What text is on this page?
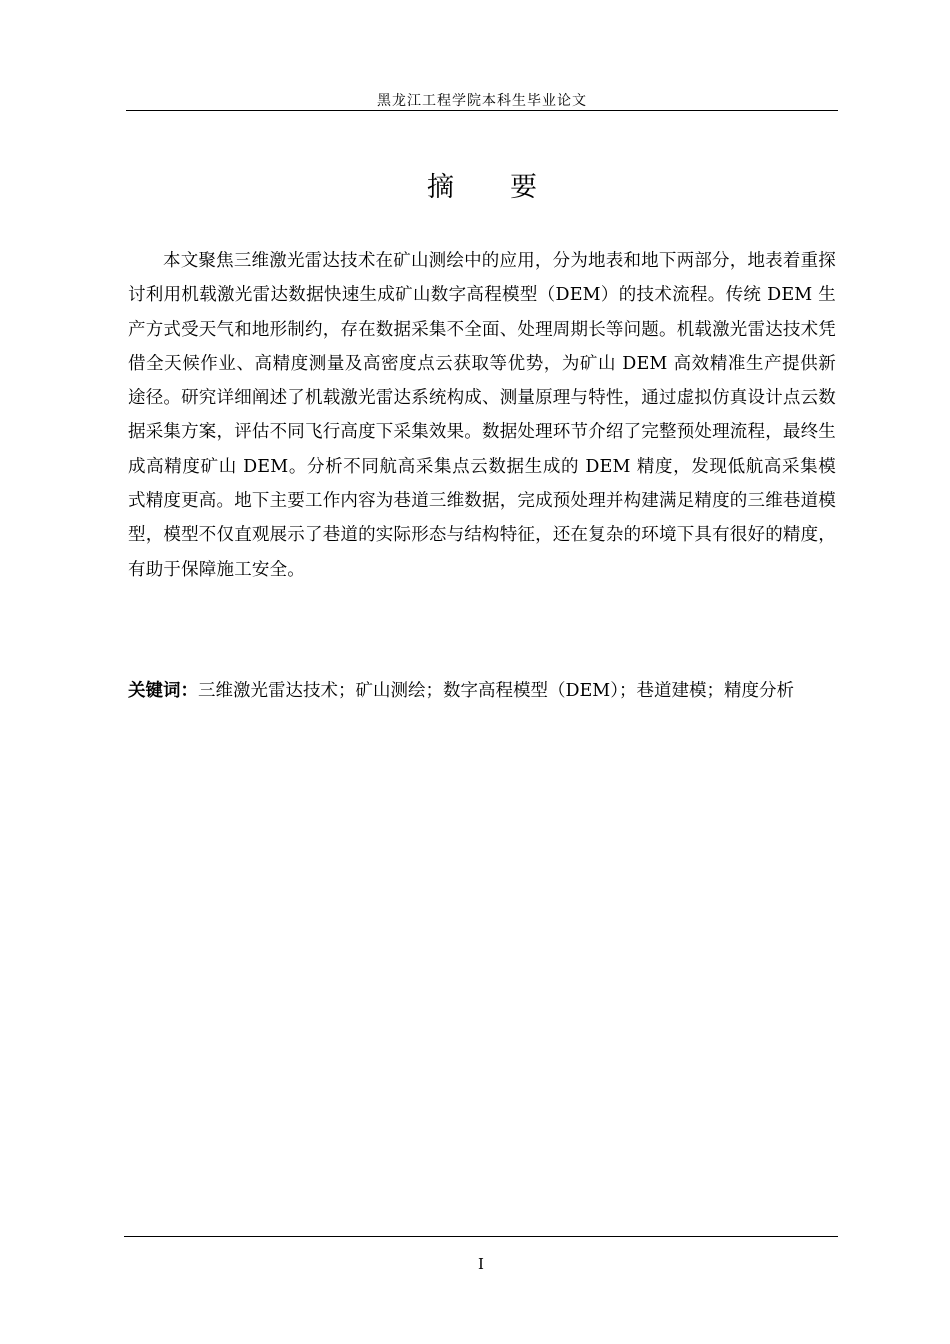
黑龙江工程学院本科生毕业论文
摘 要

本文聚焦三维激光雷达技术在矿山测绘中的应用，分为地表和地下两部分，地表着重探讨利用机载激光雷达数据快速生成矿山数字高程模型（DEM）的技术流程。传统 DEM 生产方式受天气和地形制约，存在数据采集不全面、处理周期长等问题。机载激光雷达技术凭借全天候作业、高精度测量及高密度点云获取等优势，为矿山 DEM 高效精准生产提供新途径。研究详细阐述了机载激光雷达系统构成、测量原理与特性，通过虚拟仿真设计点云数据采集方案，评估不同飞行高度下采集效果。数据处理环节介绍了完整预处理流程，最终生成高精度矿山 DEM。分析不同航高采集点云数据生成的 DEM 精度，发现低航高采集模式精度更高。地下主要工作内容为巷道三维数据，完成预处理并构建满足精度的三维巷道模型，模型不仅直观展示了巷道的实际形态与结构特征，还在复杂的环境下具有很好的精度，有助于保障施工安全。

关键词：三维激光雷达技术；矿山测绘；数字高程模型（DEM）；巷道建模；精度分析

I
